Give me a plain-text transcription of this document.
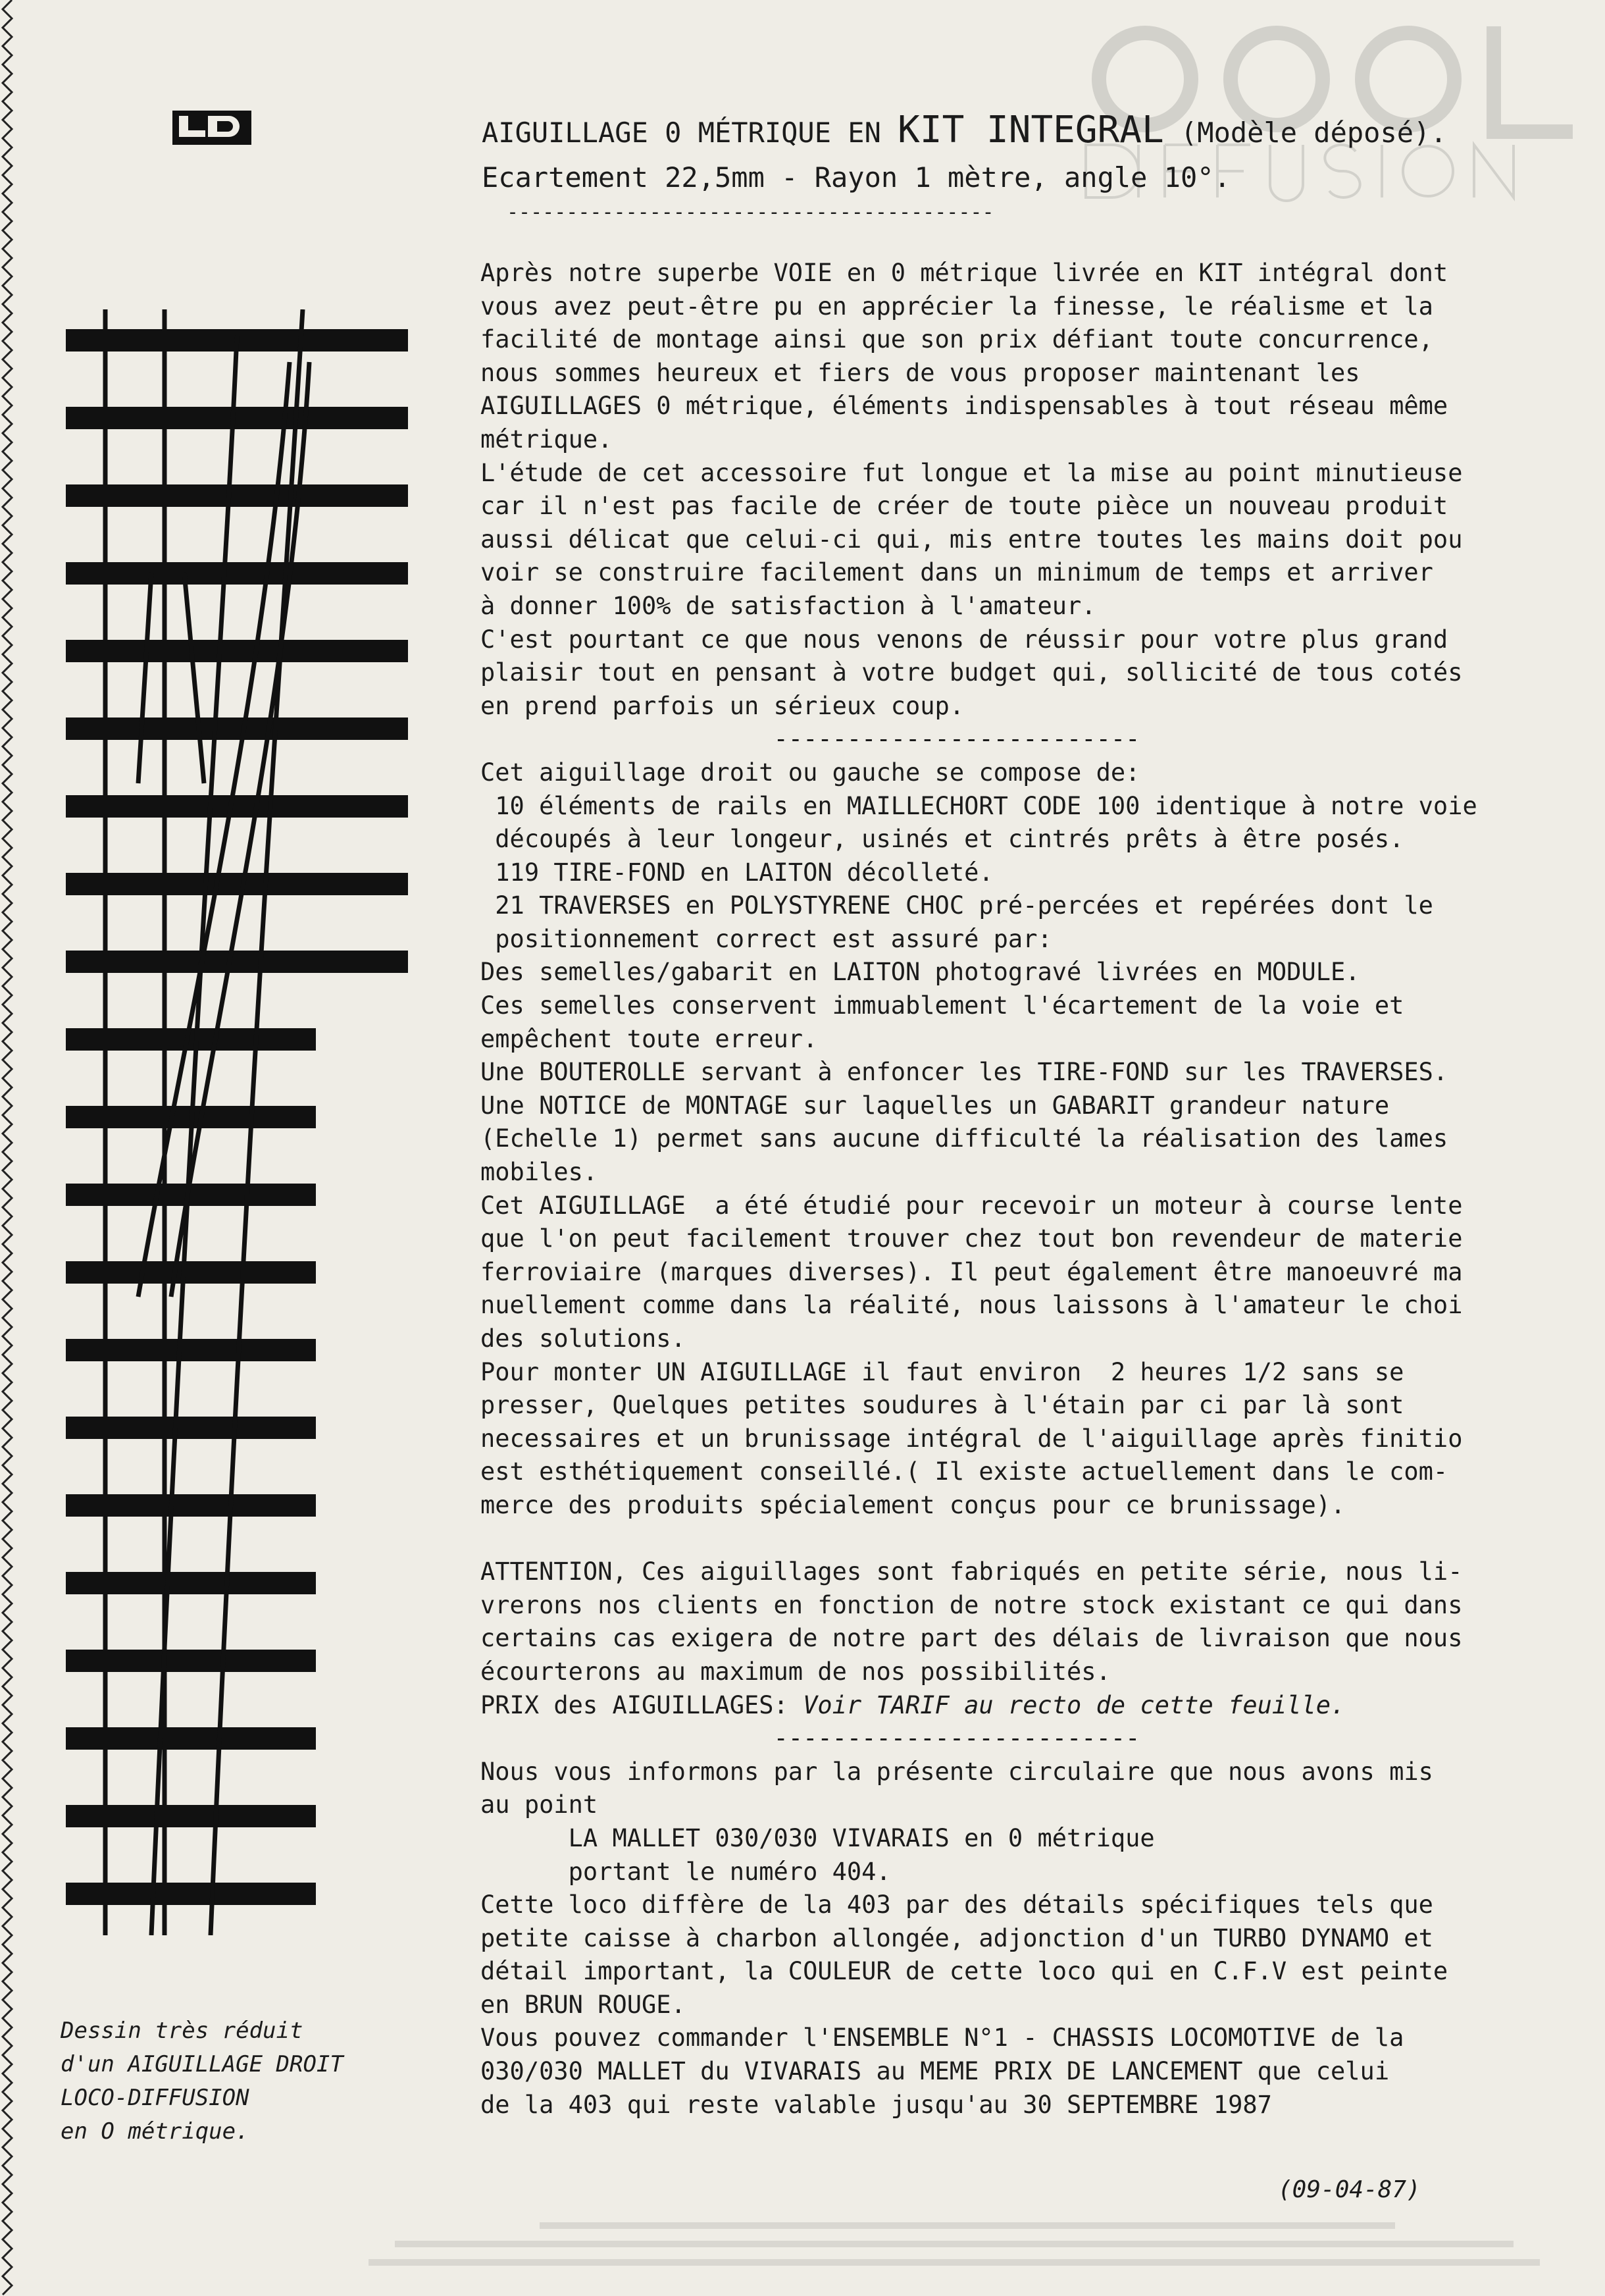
AIGUILLAGE 0 MÉTRIQUE EN KIT INTEGRAL (Modèle déposé).
Ecartement 22,5mm - Rayon 1 mètre, angle 10°.
-----------------------------------------
Après notre superbe VOIE en 0 métrique livrée en KIT intégral dont
vous avez peut-être pu en apprécier la finesse, le réalisme et la
facilité de montage ainsi que son prix défiant toute concurrence,
nous sommes heureux et fiers de vous proposer maintenant les
AIGUILLAGES 0 métrique, éléments indispensables à tout réseau même
métrique.
L'étude de cet accessoire fut longue et la mise au point minutieuse
car il n'est pas facile de créer de toute pièce un nouveau produit
aussi délicat que celui-ci qui, mis entre toutes les mains doit pou
voir se construire facilement dans un minimum de temps et arriver
à donner 100% de satisfaction à l'amateur.
C'est pourtant ce que nous venons de réussir pour votre plus grand
plaisir tout en pensant à votre budget qui, sollicité de tous cotés
en prend parfois un sérieux coup.
-------------------------
Cet aiguillage droit ou gauche se compose de:
10 éléments de rails en MAILLECHORT CODE 100 identique à notre voie
découpés à leur longeur, usinés et cintrés prêts à être posés.
119 TIRE-FOND en LAITON décolleté.
21 TRAVERSES en POLYSTYRENE CHOC pré-percées et repérées dont le
positionnement correct est assuré par:
Des semelles/gabarit en LAITON photogravé livrées en MODULE.
Ces semelles conservent immuablement l'écartement de la voie et
empêchent toute erreur.
Une BOUTEROLLE servant à enfoncer les TIRE-FOND sur les TRAVERSES.
Une NOTICE de MONTAGE sur laquelles un GABARIT grandeur nature
(Echelle 1) permet sans aucune difficulté la réalisation des lames
mobiles.
Cet AIGUILLAGE  a été étudié pour recevoir un moteur à course lente
que l'on peut facilement trouver chez tout bon revendeur de materie
ferroviaire (marques diverses). Il peut également être manoeuvré ma
nuellement comme dans la réalité, nous laissons à l'amateur le choi
des solutions.
Pour monter UN AIGUILLAGE il faut environ  2 heures 1/2 sans se
presser, Quelques petites soudures à l'étain par ci par là sont
necessaires et un brunissage intégral de l'aiguillage après finitio
est esthétiquement conseillé.( Il existe actuellement dans le com-
merce des produits spécialement conçus pour ce brunissage).
ATTENTION, Ces aiguillages sont fabriqués en petite série, nous li-
vrerons nos clients en fonction de notre stock existant ce qui dans
certains cas exigera de notre part des délais de livraison que nous
écourterons au maximum de nos possibilités.
PRIX des AIGUILLAGES: Voir TARIF au recto de cette feuille.
-------------------------
Nous vous informons par la présente circulaire que nous avons mis
au point
LA MALLET 030/030 VIVARAIS en 0 métrique
portant le numéro 404.
Cette loco diffère de la 403 par des détails spécifiques tels que
petite caisse à charbon allongée, adjonction d'un TURBO DYNAMO et
détail important, la COULEUR de cette loco qui en C.F.V est peinte
en BRUN ROUGE.
Vous pouvez commander l'ENSEMBLE N°1 - CHASSIS LOCOMOTIVE de la
030/030 MALLET du VIVARAIS au MEME PRIX DE LANCEMENT que celui
de la 403 qui reste valable jusqu'au 30 SEPTEMBRE 1987
Dessin très réduit
d'un AIGUILLAGE DROIT
LOCO-DIFFUSION
en O métrique.
(09-04-87)
